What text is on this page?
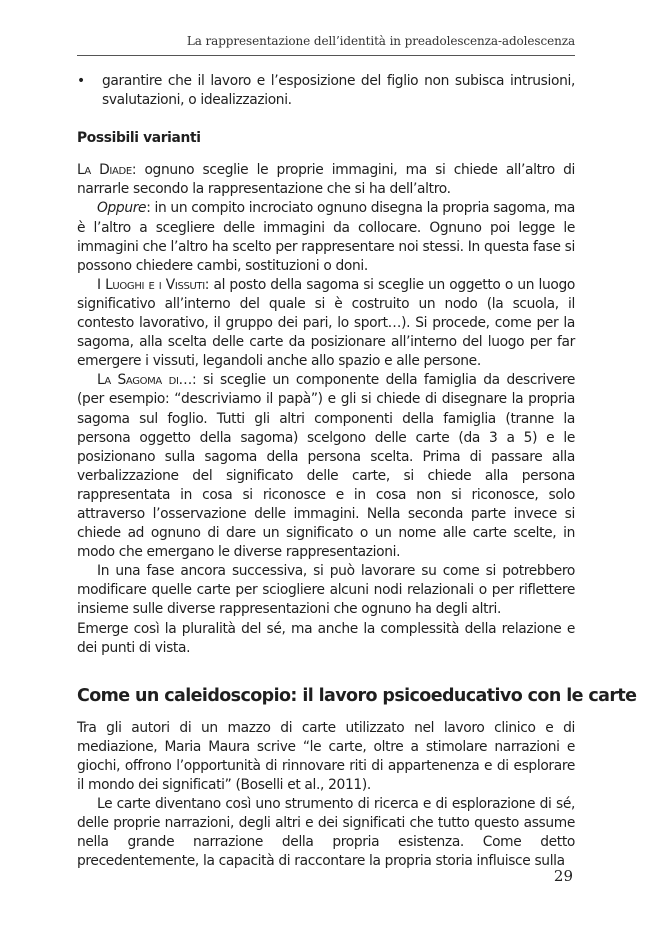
La rappresentazione dell’identità in preadolescenza-adolescenza
• garantire che il lavoro e l’esposizione del figlio non subisca intrusioni, svalutazioni, o idealizzazioni.

Possibili varianti

La Diade: ognuno sceglie le proprie immagini, ma si chiede all’altro di narrarle secondo la rappresentazione che si ha dell’altro.

Oppure: in un compito incrociato ognuno disegna la propria sagoma, ma è l’altro a scegliere delle immagini da collocare. Ognuno poi legge le immagini che l’altro ha scelto per rappresentare noi stessi. In questa fase si possono chiedere cambi, sostituzioni o doni.

I Luoghi e i Vissuti: al posto della sagoma si sceglie un oggetto o un luogo significativo all’interno del quale si è costruito un nodo (la scuola, il contesto lavorativo, il gruppo dei pari, lo sport…). Si procede, come per la sagoma, alla scelta delle carte da posizionare all’interno del luogo per far emergere i vissuti, legandoli anche allo spazio e alle persone.

La Sagoma di…: si sceglie un componente della famiglia da descrivere (per esempio: “descriviamo il papà”) e gli si chiede di disegnare la propria sagoma sul foglio. Tutti gli altri componenti della famiglia (tranne la persona oggetto della sagoma) scelgono delle carte (da 3 a 5) e le posizionano sulla sagoma della persona scelta. Prima di passare alla verbalizzazione del significato delle carte, si chiede alla persona rappresentata in cosa si riconosce e in cosa non si riconosce, solo attraverso l’osservazione delle immagini. Nella seconda parte invece si chiede ad ognuno di dare un significato o un nome alle carte scelte, in modo che emergano le diverse rappresentazioni.

In una fase ancora successiva, si può lavorare su come si potrebbero modificare quelle carte per sciogliere alcuni nodi relazionali o per riflettere insieme sulle diverse rappresentazioni che ognuno ha degli altri.

Emerge così la pluralità del sé, ma anche la complessità della relazione e dei punti di vista.

Come un caleidoscopio: il lavoro psicoeducativo con le carte

Tra gli autori di un mazzo di carte utilizzato nel lavoro clinico e di mediazione, Maria Maura scrive “le carte, oltre a stimolare narrazioni e giochi, offrono l’opportunità di rinnovare riti di appartenenza e di esplorare il mondo dei significati” (Boselli et al., 2011).

Le carte diventano così uno strumento di ricerca e di esplorazione di sé, delle proprie narrazioni, degli altri e dei significati che tutto questo assume nella grande narrazione della propria esistenza. Come detto precedentemente, la capacità di raccontare la propria storia influisce sulla

29
